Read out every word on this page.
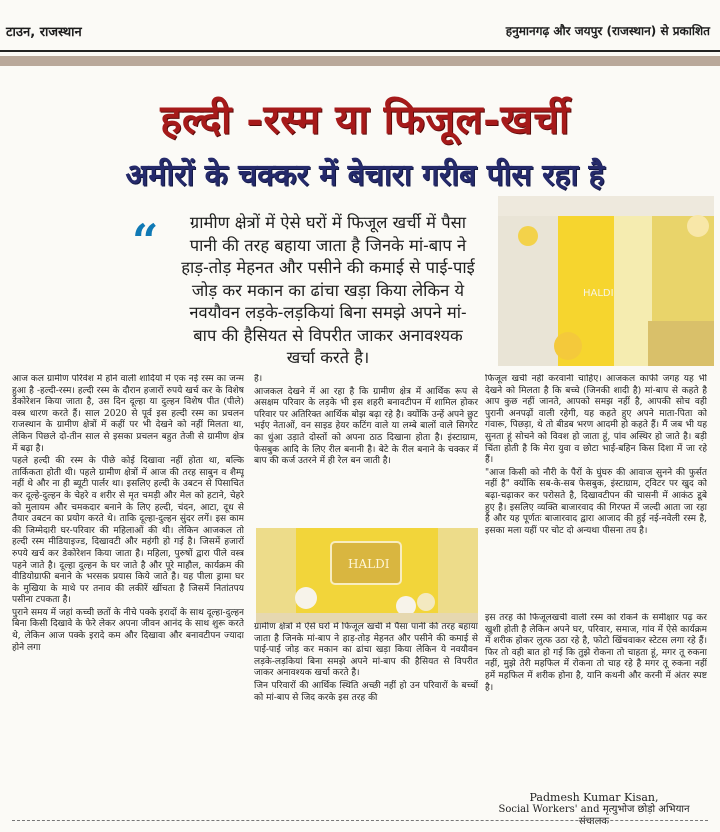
टाउन, राजस्थान	हनुमानगढ़ और जयपुर (राजस्थान) से प्रकाशित
हल्दी -रस्म या फिजूल-खर्ची
अमीरों के चक्कर में बेचारा गरीब पीस रहा है
“	ग्रामीण क्षेत्रों में ऐसे घरों में फिजूल खर्ची में पैसा पानी की तरह बहाया जाता है जिनके मां-बाप ने हाड़-तोड़ मेहनत और पसीने की कमाई से पाई-पाई जोड़ कर मकान का ढांचा खड़ा किया लेकिन ये नवयौवन लड़के-लड़कियां बिना समझे अपने मां-बाप की हैसियत से विपरीत जाकर अनावश्यक खर्चा करते है।
HALDI
HALDI

आज कल ग्रामीण परिवेश में होने वाली शादियों में एक नई रस्म का जन्म हुआ है -हल्दी-रस्म। हल्दी रस्म के दौरान हजारों रुपये खर्च कर के विशेष डेकोरेशन किया जाता है, उस दिन दूल्हा या दुल्हन विशेष पीत (पीले) वस्त्र धारण करते हैं। साल 2020 से पूर्व इस हल्दी रस्म का प्रचलन राजस्थान के ग्रामीण क्षेत्रों में कहीं पर भी देखने को नहीं मिलता था, लेकिन पिछले दो-तीन साल से इसका प्रचलन बहुत तेजी से ग्रामीण क्षेत्र में बढ़ा है।

पहले हल्दी की रस्म के पीछे कोई दिखावा नहीं होता था, बल्कि तार्किकता होती थी। पहले ग्रामीण क्षेत्रों में आज की तरह साबुन व शैम्पू नहीं थे और ना ही ब्यूटी पार्लर था। इसलिए हल्दी के उबटन से पिसाचित कर दूल्हे-दुल्हन के चेहरे व शरीर से मृत चमड़ी और मेल को हटाने, चेहरे को मुलायम और चमकदार बनाने के लिए हल्दी, चंदन, आटा, दूध से तैयार उबटन का प्रयोग करते थे। ताकि दूल्हा-दुल्हन सुंदर लगें। इस काम की जिम्मेदारी घर-परिवार की महिलाओं की थी। लेकिन आजकल तो हल्दी रस्म मीडियाइज्ड, दिखावटी और महंगी हो गई है। जिसमें हजारों रुपये खर्च कर डेकोरेशन किया जाता है। महिला, पुरुषों द्वारा पीले वस्त्र पहने जाते है। दूल्हा दुल्हन के घर जाते है और पूरे माहौल, कार्यक्रम की वीडियोग्राफी बनाने के भरसक प्रयास किये जाते है। यह पीला ड्रामा घर के मुखिया के माथे पर तनाव की लकीरें खींचता है जिसमें नितांतपय पसीना टपकता है।

पुराने समय में जहां कच्ची छतों के नीचे पक्के इरादों के साथ दूल्हा-दुल्हन बिना किसी दिखावे के फेरे लेकर अपना जीवन आनंद के साथ शुरू करते थे, लेकिन आज पक्के इरादे कम और दिखावा और बनावटीपन ज्यादा होने लगा

है।

आजकल देखने में आ रहा है कि ग्रामीण क्षेत्र में आर्थिक रूप से असक्षम परिवार के लड़के भी इस शहरी बनावटीपन में शामिल होकर परिवार पर अतिरिक्त आर्थिक बोझ बढ़ा रहे है। क्योंकि उन्हें अपने छुट भईए नेताओं, वन साइड हेयर कटिंग वाले या लम्बे बालों वाले सिगरेट का धुंआ उड़ाते दोस्तों को अपना ठाठ दिखाना होता है। इंस्टाग्राम, फेसबुक आदि के लिए रील बनानी है। बेटे के रील बनाने के चक्कर में बाप की कर्ज उतरने में ही रेल बन जाती है।

ग्रामीण क्षेत्रों में ऐसे घरों में फिजूल खर्ची में पैसा पानी की तरह बहाया जाता है जिनके मां-बाप ने हाड़-तोड़ मेहनत और पसीने की कमाई से पाई-पाई जोड़ कर मकान का ढांचा खड़ा किया लेकिन ये नवयौवन लड़के-लड़कियां बिना समझे अपने मां-बाप की हैसियत से विपरीत जाकर अनावश्यक खर्चा करते है।

जिन परिवारों की आर्थिक स्थिति अच्छी नहीं हो उन परिवारों के बच्चों को मां-बाप से जिद करके इस तरह की

फिजूल खर्ची नहीं करवानी चाहिए। आजकल काफी जगह यह भी देखने को मिलता है कि बच्चे (जिनकी शादी है) मां-बाप से कहते है आप कुछ नहीं जानते, आपको समझ नहीं है, आपकी सोच वही पुरानी अनपढ़ों वाली रहेगी, यह कहते हुए अपने माता-पिता को गंवारू, पिछड़ा, थे तो बीडब भरण आदमी हो कहते हैं। मैं जब भी यह सुनता हूं सोचने को विवश हो जाता हूं, पांव अस्थिर हो जाते है। बड़ी चिंता होती है कि मेरा युवा व छोटा भाई-बहिन किस दिशा में जा रहे हैं।

"आज किसी को नौरी के पैरों के घुंघरु की आवाज सुनने की फुर्सत नहीं है" क्योंकि सब-के-सब फेसबुक, इंस्टाग्राम, ट्विटर पर खुद को बढ़ा-चढ़ाकर कर परोसते है, दिखावटीपन की चासनी में आकंठ डूबे हुए है। इसलिए व्यक्ति बाजारवाद की गिरफ्त में जल्दी आता जा रहा है और यह पूर्णतः बाजारवाद द्वारा आजाद की हुई नई-नवेली रस्म है, इसका मला यहीं पर चोट दो अन्यथा पीसना तय है।

इस तरह की फिजूलखर्ची वाली रस्म को रोकने के समीक्षार पढ़ कर खुशी होती है लेकिन अपने घर, परिवार, समाज, गांव में ऐसे कार्यक्रम में शरीक होकर लुत्फ उठा रहे है, फोटो खिंचवाकर स्टेटस लगा रहे हैं। फिर तो वही बात हो गई कि तुझे रोकना तो चाहता हूं, मगर तू रुकना नहीं, मुझे तेरी महफिल में रोकना तो चाह रहे है मगर तू रुकना नहीं हमें महफिल में शरीक होना है, यानि कथनी और करनी में अंतर स्पष्ट है।

Padmesh Kumar Kisan,
Social Workers' and मृत्युभोज छोड़ो अभियान
संचालक
